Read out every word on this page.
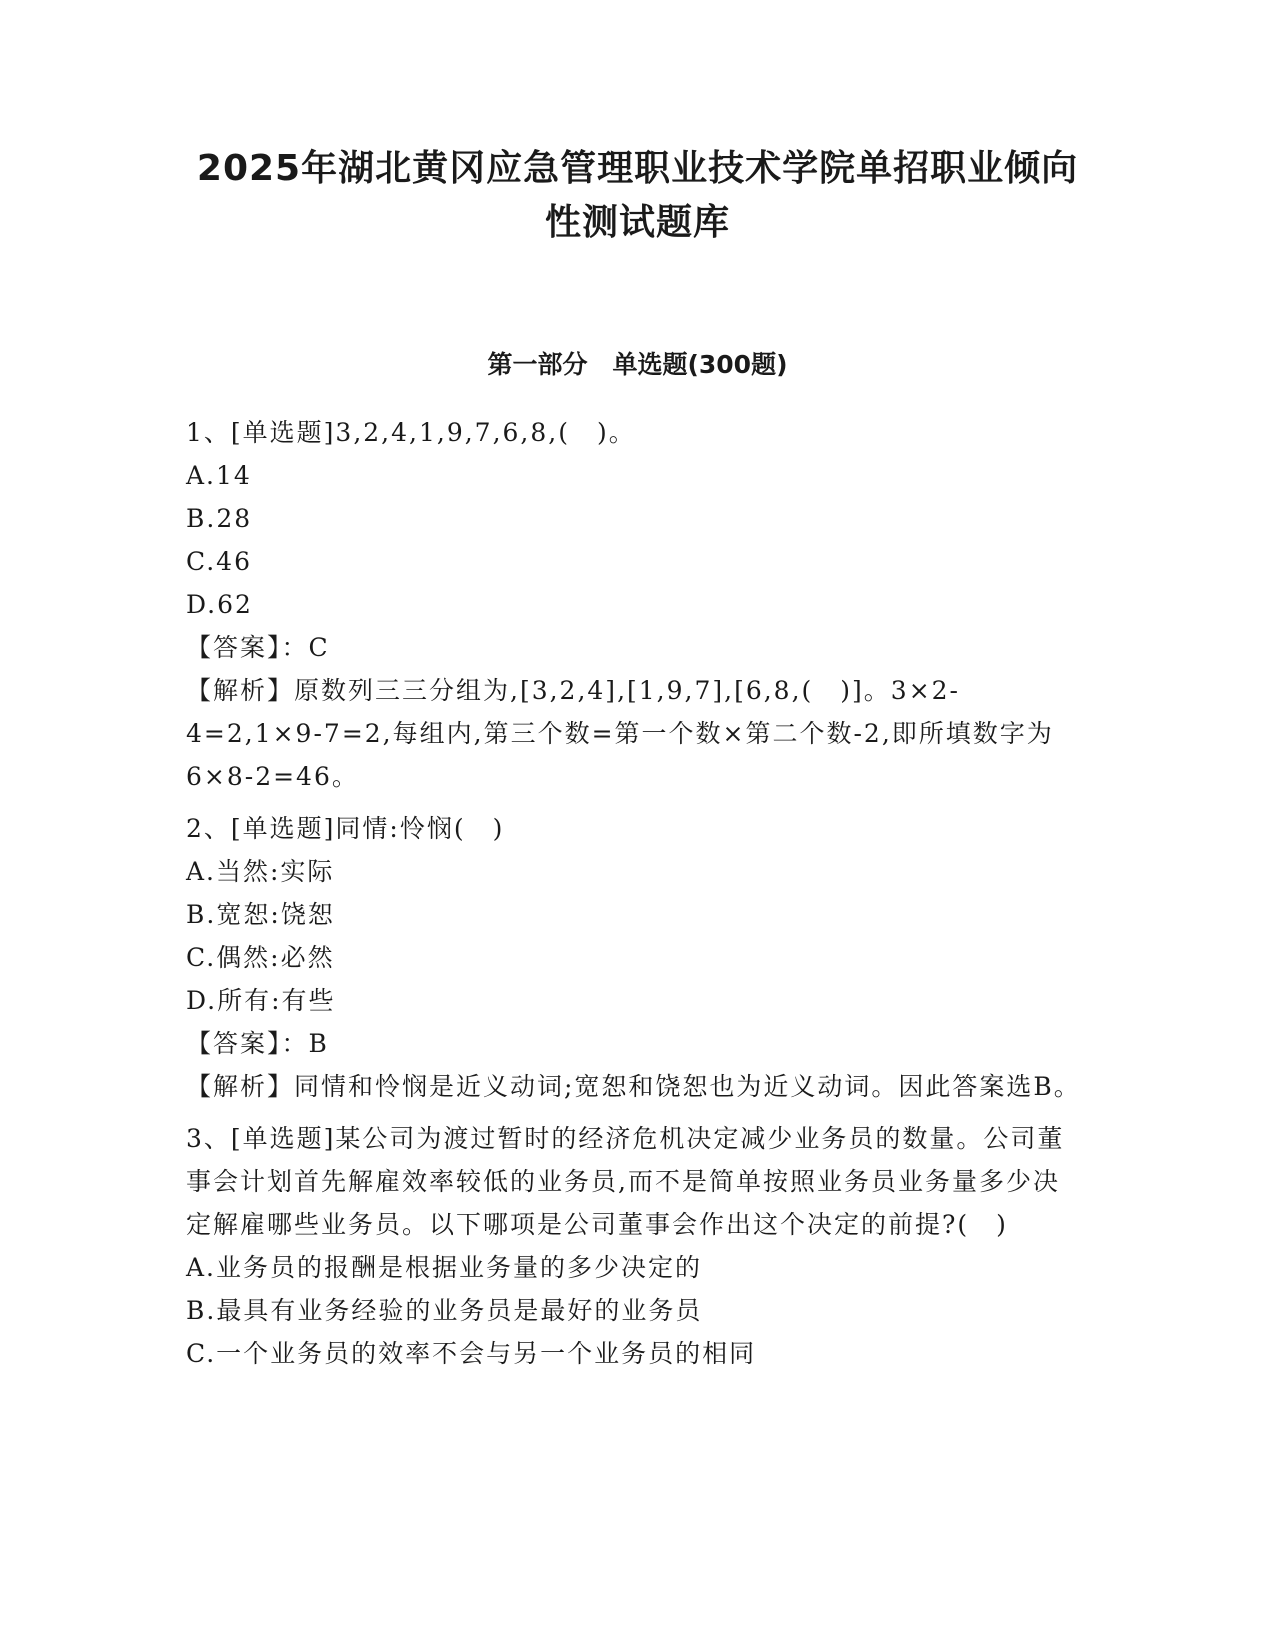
2025年湖北黄冈应急管理职业技术学院单招职业倾向
性测试题库
第一部分　单选题(300题)
1、[单选题]3,2,4,1,9,7,6,8,(　)。
A.14
B.28
C.46
D.62
【答案】：C
【解析】原数列三三分组为,[3,2,4],[1,9,7],[6,8,(　)]。3×2-4=2,1×9-7=2,每组内,第三个数=第一个数×第二个数-2,即所填数字为6×8-2=46。
2、[单选题]同情:怜悯(　)
A.当然:实际
B.宽恕:饶恕
C.偶然:必然
D.所有:有些
【答案】：B
【解析】同情和怜悯是近义动词;宽恕和饶恕也为近义动词。因此答案选B。
3、[单选题]某公司为渡过暂时的经济危机决定减少业务员的数量。公司董事会计划首先解雇效率较低的业务员,而不是简单按照业务员业务量多少决定解雇哪些业务员。以下哪项是公司董事会作出这个决定的前提?(　)
A.业务员的报酬是根据业务量的多少决定的
B.最具有业务经验的业务员是最好的业务员
C.一个业务员的效率不会与另一个业务员的相同
